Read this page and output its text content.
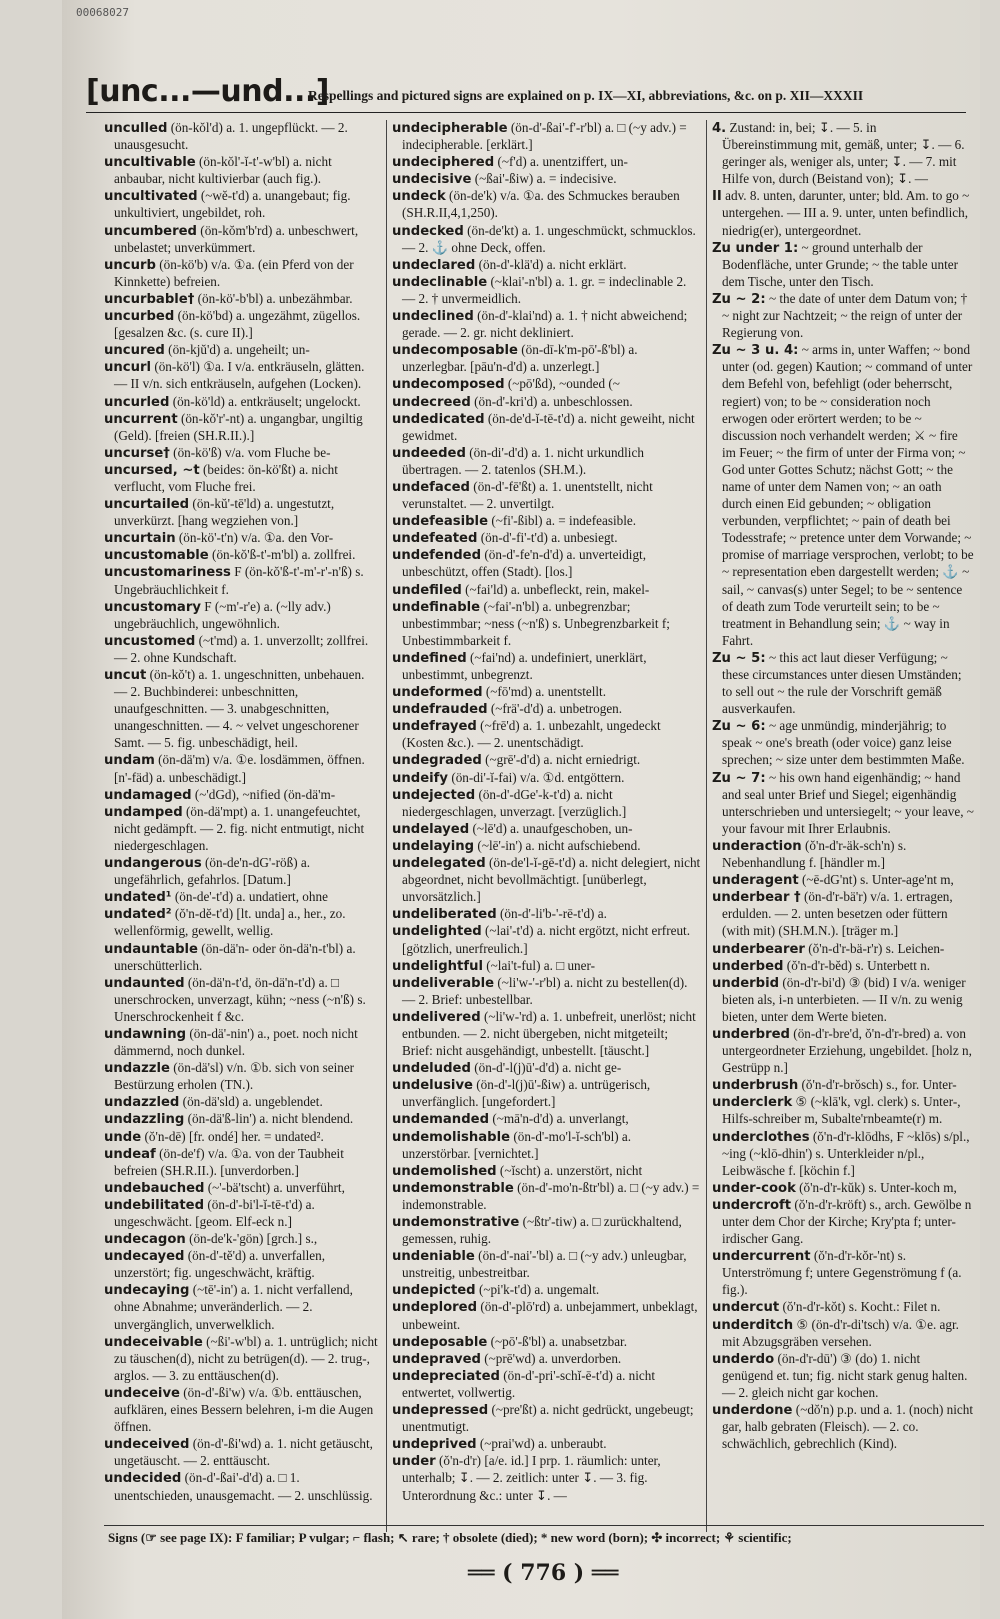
00068027
[unc...—und...]
Respellings and pictured signs are explained on p. IX—XI, abbreviations, &c. on p. XII—XXXII
unculled (ön-kŏl'd) a. 1. ungepflückt. — 2. unausgesucht.
uncultivable (ön-kŏl'-ĭ-t'-w'bl) a. nicht anbaubar, nicht kultivierbar (auch fig.).
uncultivated (~wĕ-t'd) a. unangebaut; fig. unkultiviert, ungebildet, roh.
uncumbered (ön-kŏm'b'rd) a. unbeschwert, unbelastet; unverkümmert.
uncurb (ön-kö'b) v/a. ①a. (ein Pferd von der Kinnkette) befreien.
uncurbable† (ön-kö'-b'bl) a. unbezähmbar.
uncurbed (ön-kö'bd) a. ungezähmt, zügellos. [gesalzen &c. (s. cure II).]
uncured (ön-kjŭ'd) a. ungeheilt; un-
uncurl (ön-kö'l) ①a. I v/a. entkräuseln, glätten. — II v/n. sich entkräuseln, aufgehen (Locken).
uncurled (ön-kö'ld) a. entkräuselt; ungelockt.
uncurrent (ön-kŏ'r'-nt) a. ungangbar, ungiltig (Geld). [freien (SH.R.II.).]
uncurse† (ön-kö'ß) v/a. vom Fluche be-
uncursed, ~t (beides: ön-kö'ßt) a. nicht verflucht, vom Fluche frei.
uncurtailed (ön-kŭ'-tē'ld) a. ungestutzt, unverkürzt. [hang wegziehen von.]
uncurtain (ön-kö'-t'n) v/a. ①a. den Vor-
uncustomable (ön-kŏ'ß-t'-m'bl) a. zollfrei.
uncustomariness F (ön-kŏ'ß-t'-m'-r'-n'ß) s. Ungebräuchlichkeit f.
uncustomary F (~m'-r'e) a. (~lly adv.) ungebräuchlich, ungewöhnlich.
uncustomed (~t'md) a. 1. unverzollt; zollfrei. — 2. ohne Kundschaft.
uncut (ön-kŏ't) a. 1. ungeschnitten, unbehauen. — 2. Buchbinderei: unbeschnitten, unaufgeschnitten. — 3. unabgeschnitten, unangeschnitten. — 4. ~ velvet ungeschorener Samt. — 5. fig. unbeschädigt, heil.
undam (ön-dä'm) v/a. ①e. losdämmen, öffnen. [n'-fäd) a. unbeschädigt.]
undamaged (~'dGd), ~nified (ön-dä'm-
undamped (ön-dä'mpt) a. 1. unangefeuchtet, nicht gedämpft. — 2. fig. nicht entmutigt, nicht niedergeschlagen.
undangerous (ön-de'n-dG'-röß) a. ungefährlich, gefahrlos. [Datum.]
undated¹ (ön-de'-t'd) a. undatiert, ohne
undated² (ŏ'n-dĕ-t'd) [lt. unda] a., her., zo. wellenförmig, gewellt, wellig.
undauntable (ön-dä'n- oder ön-dä'n-t'bl) a. unerschütterlich.
undaunted (ön-dä'n-t'd, ön-dä'n-t'd) a. □ unerschrocken, unverzagt, kühn; ~ness (~n'ß) s. Unerschrockenheit f &c.
undawning (ön-dä'-nin') a., poet. noch nicht dämmernd, noch dunkel.
undazzle (ön-dä'sl) v/n. ①b. sich von seiner Bestürzung erholen (TN.).
undazzled (ön-dä'sld) a. ungeblendet.
undazzling (ön-dä'ß-lin') a. nicht blendend.
unde (ŏ'n-dē) [fr. ondé] her. = undated².
undeaf (ön-de'f) v/a. ①a. von der Taubheit befreien (SH.R.II.). [unverdorben.]
undebauched (~'-bä'tscht) a. unverführt,
undebilitated (ön-d'-bi'l-ĭ-tē-t'd) a. ungeschwächt. [geom. Elf-eck n.]
undecagon (ön-de'k-'gön) [grch.] s.,
undecayed (ön-d'-tĕ'd) a. unverfallen, unzerstört; fig. ungeschwächt, kräftig.
undecaying (~tē'-in') a. 1. nicht verfallend, ohne Abnahme; unveränderlich. — 2. unvergänglich, unverwelklich.
undeceivable (~ßi'-w'bl) a. 1. untrüglich; nicht zu täuschen(d), nicht zu betrügen(d). — 2. trug-, arglos. — 3. zu enttäuschen(d).
undeceive (ön-d'-ßi'w) v/a. ①b. enttäuschen, aufklären, eines Bessern belehren, i-m die Augen öffnen.
undeceived (ön-d'-ßi'wd) a. 1. nicht getäuscht, ungetäuscht. — 2. enttäuscht.
undecided (ön-d'-ßai'-d'd) a. □ 1. unentschieden, unausgemacht. — 2. unschlüssig.
undecipherable (ön-d'-ßai'-f'-r'bl) a. □ (~y adv.) = indecipherable. [erklärt.]
undeciphered (~f'd) a. unentziffert, un-
undecisive (~ßai'-ßiw) a. = indecisive.
undeck (ön-de'k) v/a. ①a. des Schmuckes berauben (SH.R.II,4,1,250).
undecked (ön-de'kt) a. 1. ungeschmückt, schmucklos. — 2. ⚓ ohne Deck, offen.
undeclared (ön-d'-klä'd) a. nicht erklärt.
undeclinable (~klai'-n'bl) a. 1. gr. = indeclinable 2. — 2. † unvermeidlich.
undeclined (ön-d'-klai'nd) a. 1. † nicht abweichend; gerade. — 2. gr. nicht dekliniert.
undecomposable (ön-dī-k'm-pō'-ß'bl) a. unzerlegbar. [pāu'n-d'd) a. unzerlegt.]
undecomposed (~pō'ßd), ~ounded (~
undecreed (ön-d'-kri'd) a. unbeschlossen.
undedicated (ön-de'd-ĭ-tē-t'd) a. nicht geweiht, nicht gewidmet.
undeeded (ön-di'-d'd) a. 1. nicht urkundlich übertragen. — 2. tatenlos (SH.M.).
undefaced (ön-d'-fē'ßt) a. 1. unentstellt, nicht verunstaltet. — 2. unvertilgt.
undefeasible (~fi'-ßibl) a. = indefeasible.
undefeated (ön-d'-fi'-t'd) a. unbesiegt.
undefended (ön-d'-fe'n-d'd) a. unverteidigt, unbeschützt, offen (Stadt). [los.]
undefiled (~fai'ld) a. unbefleckt, rein, makel-
undefinable (~fai'-n'bl) a. unbegrenzbar; unbestimmbar; ~ness (~n'ß) s. Unbegrenzbarkeit f; Unbestimmbarkeit f.
undefined (~fai'nd) a. undefiniert, unerklärt, unbestimmt, unbegrenzt.
undeformed (~fō'md) a. unentstellt.
undefrauded (~frä'-d'd) a. unbetrogen.
undefrayed (~frē'd) a. 1. unbezahlt, ungedeckt (Kosten &c.). — 2. unentschädigt.
undegraded (~grē'-d'd) a. nicht erniedrigt.
undeify (ön-di'-ĭ-fai) v/a. ①d. entgöttern.
undejected (ön-d'-dGe'-k-t'd) a. nicht niedergeschlagen, unverzagt. [verzüglich.]
undelayed (~lē'd) a. unaufgeschoben, un-
undelaying (~lē'-in') a. nicht aufschiebend.
undelegated (ön-de'l-ĭ-gē-t'd) a. nicht delegiert, nicht abgeordnet, nicht bevollmächtigt. [unüberlegt, unvorsätzlich.]
undeliberated (ön-d'-li'b-'-rē-t'd) a.
undelighted (~lai'-t'd) a. nicht ergötzt, nicht erfreut. [götzlich, unerfreulich.]
undelightful (~lai't-ful) a. □ uner-
undeliverable (~li'w-'-r'bl) a. nicht zu bestellen(d). — 2. Brief: unbestellbar.
undelivered (~li'w-'rd) a. 1. unbefreit, unerlöst; nicht entbunden. — 2. nicht übergeben, nicht mitgeteilt; Brief: nicht ausgehändigt, unbestellt. [täuscht.]
undeluded (ön-d'-l(j)ū'-d'd) a. nicht ge-
undelusive (ön-d'-l(j)ū'-ßiw) a. untrügerisch, unverfänglich. [ungefordert.]
undemanded (~mā'n-d'd) a. unverlangt,
undemolishable (ön-d'-mo'l-ĭ-sch'bl) a. unzerstörbar. [vernichtet.]
undemolished (~ĭscht) a. unzerstört, nicht
undemonstrable (ön-d'-mo'n-ßtr'bl) a. □ (~y adv.) = indemonstrable.
undemonstrative (~ßtr'-tiw) a. □ zurückhaltend, gemessen, ruhig.
undeniable (ön-d'-nai'-'bl) a. □ (~y adv.) unleugbar, unstreitig, unbestreitbar.
undepicted (~pi'k-t'd) a. ungemalt.
undeplored (ön-d'-plō'rd) a. unbejammert, unbeklagt, unbeweint.
undeposable (~pō'-ß'bl) a. unabsetzbar.
undepraved (~prē'wd) a. unverdorben.
undepreciated (ön-d'-pri'-schĭ-ē-t'd) a. nicht entwertet, vollwertig.
undepressed (~pre'ßt) a. nicht gedrückt, ungebeugt; unentmutigt.
undeprived (~prai'wd) a. unberaubt.
under (ŏ'n-d'r) [a/e. id.] I prp. 1. räumlich: unter, unterhalb; ↧. — 2. zeitlich: unter ↧. — 3. fig. Unterordnung &c.: unter ↧. —
4. Zustand: in, bei; ↧. — 5. in Übereinstimmung mit, gemäß, unter; ↧. — 6. geringer als, weniger als, unter; ↧. — 7. mit Hilfe von, durch (Beistand von); ↧. —
II adv. 8. unten, darunter, unter; bld. Am. to go ~ untergehen. — III a. 9. unter, unten befindlich, niedrig(er), untergeordnet.
Zu under 1: ~ ground unterhalb der Bodenfläche, unter Grunde; ~ the table unter dem Tische, unter den Tisch.
Zu ~ 2: ~ the date of unter dem Datum von; † ~ night zur Nachtzeit; ~ the reign of unter der Regierung von.
Zu ~ 3 u. 4: ~ arms in, unter Waffen; ~ bond unter (od. gegen) Kaution; ~ command of unter dem Befehl von, befehligt (oder beherrscht, regiert) von; to be ~ consideration noch erwogen oder erörtert werden; to be ~ discussion noch verhandelt werden; ⚔ ~ fire im Feuer; ~ the firm of unter der Firma von; ~ God unter Gottes Schutz; nächst Gott; ~ the name of unter dem Namen von; ~ an oath durch einen Eid gebunden; ~ obligation verbunden, verpflichtet; ~ pain of death bei Todesstrafe; ~ pretence unter dem Vorwande; ~ promise of marriage versprochen, verlobt; to be ~ representation eben dargestellt werden; ⚓ ~ sail, ~ canvas(s) unter Segel; to be ~ sentence of death zum Tode verurteilt sein; to be ~ treatment in Behandlung sein; ⚓ ~ way in Fahrt.
Zu ~ 5: ~ this act laut dieser Verfügung; ~ these circumstances unter diesen Umständen; to sell out ~ the rule der Vorschrift gemäß ausverkaufen.
Zu ~ 6: ~ age unmündig, minderjährig; to speak ~ one's breath (oder voice) ganz leise sprechen; ~ size unter dem bestimmten Maße.
Zu ~ 7: ~ his own hand eigenhändig; ~ hand and seal unter Brief und Siegel; eigenhändig unterschrieben und untersiegelt; ~ your leave, ~ your favour mit Ihrer Erlaubnis.
underaction (ŏ'n-d'r-äk-sch'n) s. Nebenhandlung f. [händler m.]
underagent (~ē-dG'nt) s. Unter-age'nt m,
underbear † (ön-d'r-bä'r) v/a. 1. ertragen, erdulden. — 2. unten besetzen oder füttern (with mit) (SH.M.N.). [träger m.]
underbearer (ŏ'n-d'r-bä-r'r) s. Leichen-
underbed (ŏ'n-d'r-bĕd) s. Unterbett n.
underbid (ön-d'r-bi'd) ③ (bid) I v/a. weniger bieten als, i-n unterbieten. — II v/n. zu wenig bieten, unter dem Werte bieten.
underbred (ön-d'r-bre'd, ŏ'n-d'r-bred) a. von untergeordneter Erziehung, ungebildet. [holz n, Gestrüpp n.]
underbrush (ŏ'n-d'r-brŏsch) s., for. Unter-
underclerk ⑤ (~klā'k, vgl. clerk) s. Unter-, Hilfs-schreiber m, Subalte'rnbeamte(r) m.
underclothes (ŏ'n-d'r-klōdhs, F ~klōs) s/pl., ~ing (~klō-dhin') s. Unterkleider n/pl., Leibwäsche f. [köchin f.]
under-cook (ŏ'n-d'r-kŭk) s. Unter-koch m,
undercroft (ŏ'n-d'r-kröft) s., arch. Gewölbe n unter dem Chor der Kirche; Kry'pta f; unter-irdischer Gang.
undercurrent (ŏ'n-d'r-kŏr-'nt) s. Unterströmung f; untere Gegenströmung f (a. fig.).
undercut (ŏ'n-d'r-kŏt) s. Kocht.: Filet n.
underditch ⑤ (ön-d'r-di'tsch) v/a. ①e. agr. mit Abzugsgräben versehen.
underdo (ön-d'r-dū') ③ (do) 1. nicht genügend et. tun; fig. nicht stark genug halten. — 2. gleich nicht gar kochen.
underdone (~dŏ'n) p.p. und a. 1. (noch) nicht gar, halb gebraten (Fleisch). — 2. co. schwächlich, gebrechlich (Kind).
Signs (☞ see page IX): F familiar; P vulgar; ⌐ flash; ↖ rare; † obsolete (died); * new word (born); ✣ incorrect; ⚘ scientific;
══ ( 776 ) ══
